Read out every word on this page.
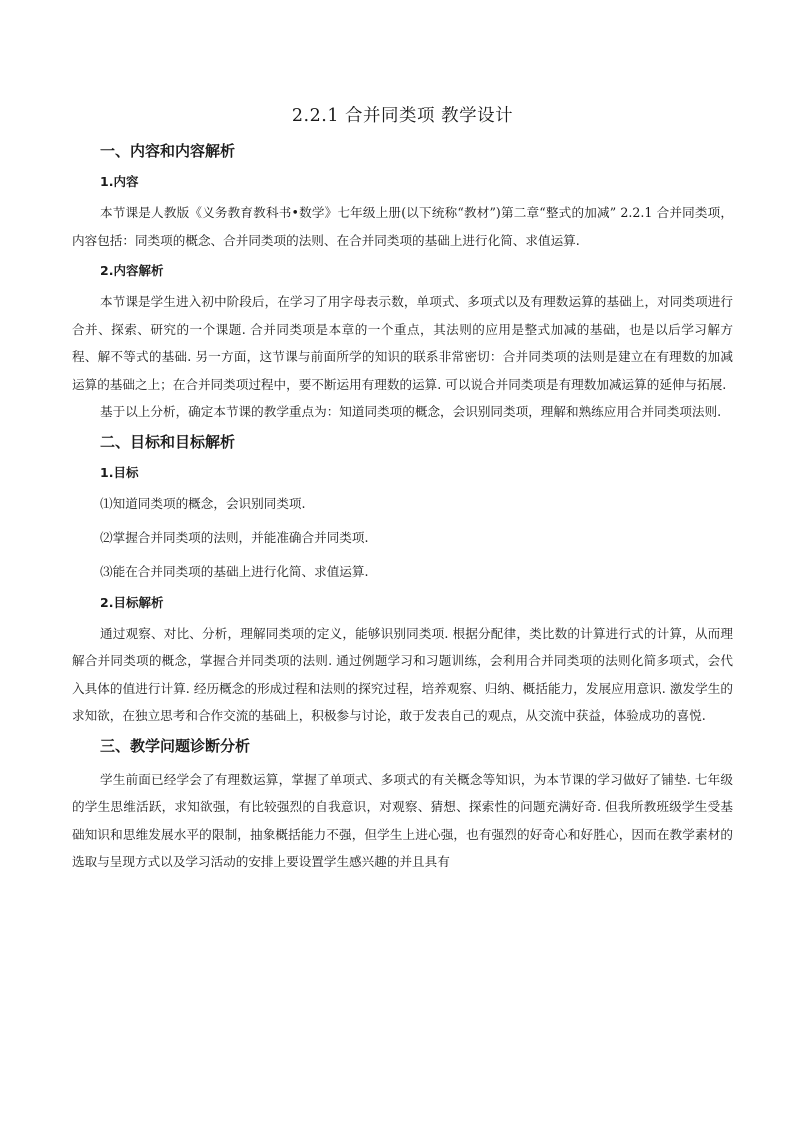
2.2.1 合并同类项 教学设计
一、内容和内容解析
1.内容

本节课是人教版《义务教育教科书•数学》七年级上册(以下统称“教材”)第二章“整式的加减” 2.2.1 合并同类项，内容包括：同类项的概念、合并同类项的法则、在合并同类项的基础上进行化简、求值运算.

2.内容解析

本节课是学生进入初中阶段后，在学习了用字母表示数，单项式、多项式以及有理数运算的基础上，对同类项进行合并、探索、研究的一个课题. 合并同类项是本章的一个重点，其法则的应用是整式加减的基础，也是以后学习解方程、解不等式的基础. 另一方面，这节课与前面所学的知识的联系非常密切：合并同类项的法则是建立在有理数的加减运算的基础之上；在合并同类项过程中，要不断运用有理数的运算. 可以说合并同类项是有理数加减运算的延伸与拓展.

基于以上分析，确定本节课的教学重点为：知道同类项的概念，会识别同类项，理解和熟练应用合并同类项法则.

二、目标和目标解析
1.目标
⑴知道同类项的概念，会识别同类项.
⑵掌握合并同类项的法则，并能准确合并同类项.
⑶能在合并同类项的基础上进行化简、求值运算.
2.目标解析

通过观察、对比、分析，理解同类项的定义，能够识别同类项. 根据分配律，类比数的计算进行式的计算，从而理解合并同类项的概念，掌握合并同类项的法则. 通过例题学习和习题训练，会利用合并同类项的法则化简多项式，会代入具体的值进行计算. 经历概念的形成过程和法则的探究过程，培养观察、归纳、概括能力，发展应用意识. 激发学生的求知欲，在独立思考和合作交流的基础上，积极参与讨论，敢于发表自己的观点，从交流中获益，体验成功的喜悦.

三、教学问题诊断分析

学生前面已经学会了有理数运算，掌握了单项式、多项式的有关概念等知识，为本节课的学习做好了铺垫. 七年级的学生思维活跃，求知欲强，有比较强烈的自我意识，对观察、猜想、探索性的问题充满好奇. 但我所教班级学生受基础知识和思维发展水平的限制，抽象概括能力不强，但学生上进心强，也有强烈的好奇心和好胜心，因而在教学素材的选取与呈现方式以及学习活动的安排上要设置学生感兴趣的并且具有
